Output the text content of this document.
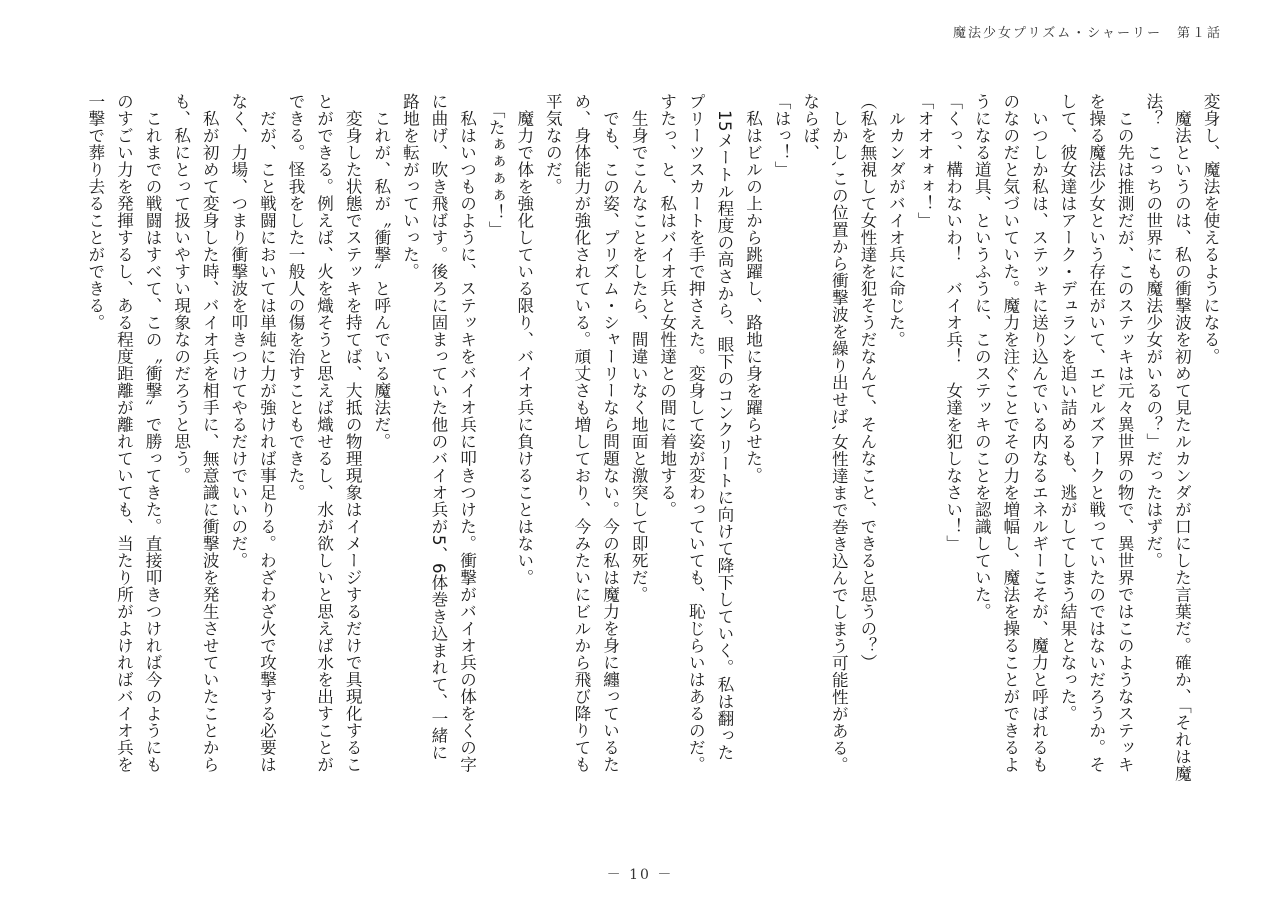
魔法少女プリズム・シャーリー　第１話
変身し、魔法を使えるようになる。
　魔法というのは、私の衝撃波を初めて見たルカンダが口にした言葉だ。確か、「それは魔
法？　こっちの世界にも魔法少女がいるの？」だったはずだ。
　この先は推測だが、このステッキは元々異世界の物で、異世界ではこのようなステッキ
を操る魔法少女という存在がいて、エビルズアークと戦っていたのではないだろうか。そ
して、彼女達はアーク・デュランを追い詰めるも、逃がしてしまう結果となった。
　いつしか私は、ステッキに送り込んでいる内なるエネルギーこそが、魔力と呼ばれるも
のなのだと気づいていた。魔力を注ぐことでその力を増幅し、魔法を操ることができるよ
うになる道具、というふうに、このステッキのことを認識していた。
「くっ、構わないわ！　バイオ兵！　女達を犯しなさい！」
「オオオォォ！」
　ルカンダがバイオ兵に命じた。
（私を無視して女性達を犯そうだなんて、そんなこと、できると思うの？）
　しかし､この位置から衝撃波を繰り出せば､女性達まで巻き込んでしまう可能性がある。
ならば、
「はっ！」
　私はビルの上から跳躍し、路地に身を躍らせた。
　15メートル程度の高さから、眼下のコンクリートに向けて降下していく。私は翻った
プリーツスカートを手で押さえた。変身して姿が変わっていても、恥じらいはあるのだ。
すたっ、と、私はバイオ兵と女性達との間に着地する。
　生身でこんなことをしたら、間違いなく地面と激突して即死だ。
　でも、この姿、プリズム・シャーリーなら問題ない。今の私は魔力を身に纏っているた
め、身体能力が強化されている。頑丈さも増しており、今みたいにビルから飛び降りても
平気なのだ。
　魔力で体を強化している限り、バイオ兵に負けることはない。
　「たぁぁぁぁ！」
　私はいつものように、ステッキをバイオ兵に叩きつけた。衝撃がバイオ兵の体をくの字
に曲げ、吹き飛ばす。後ろに固まっていた他のバイオ兵が5、6体巻き込まれて、一緒に
路地を転がっていった。
　これが、私が〝衝撃〟と呼んでいる魔法だ。
　変身した状態でステッキを持てば、大抵の物理現象はイメージするだけで具現化するこ
とができる。例えば、火を熾そうと思えば熾せるし、水が欲しいと思えば水を出すことが
できる。怪我をした一般人の傷を治すこともできた。
　だが、こと戦闘においては単純に力が強ければ事足りる。わざわざ火で攻撃する必要は
なく、力場、つまり衝撃波を叩きつけてやるだけでいいのだ。
　私が初めて変身した時、バイオ兵を相手に、無意識に衝撃波を発生させていたことから
も、私にとって扱いやすい現象なのだろうと思う。
　これまでの戦闘はすべて、この〝衝撃〟で勝ってきた。直接叩きつければ今のようにも
のすごい力を発揮するし、ある程度距離が離れていても、当たり所がよければバイオ兵を
一撃で葬り去ることができる。
－ 10 －
